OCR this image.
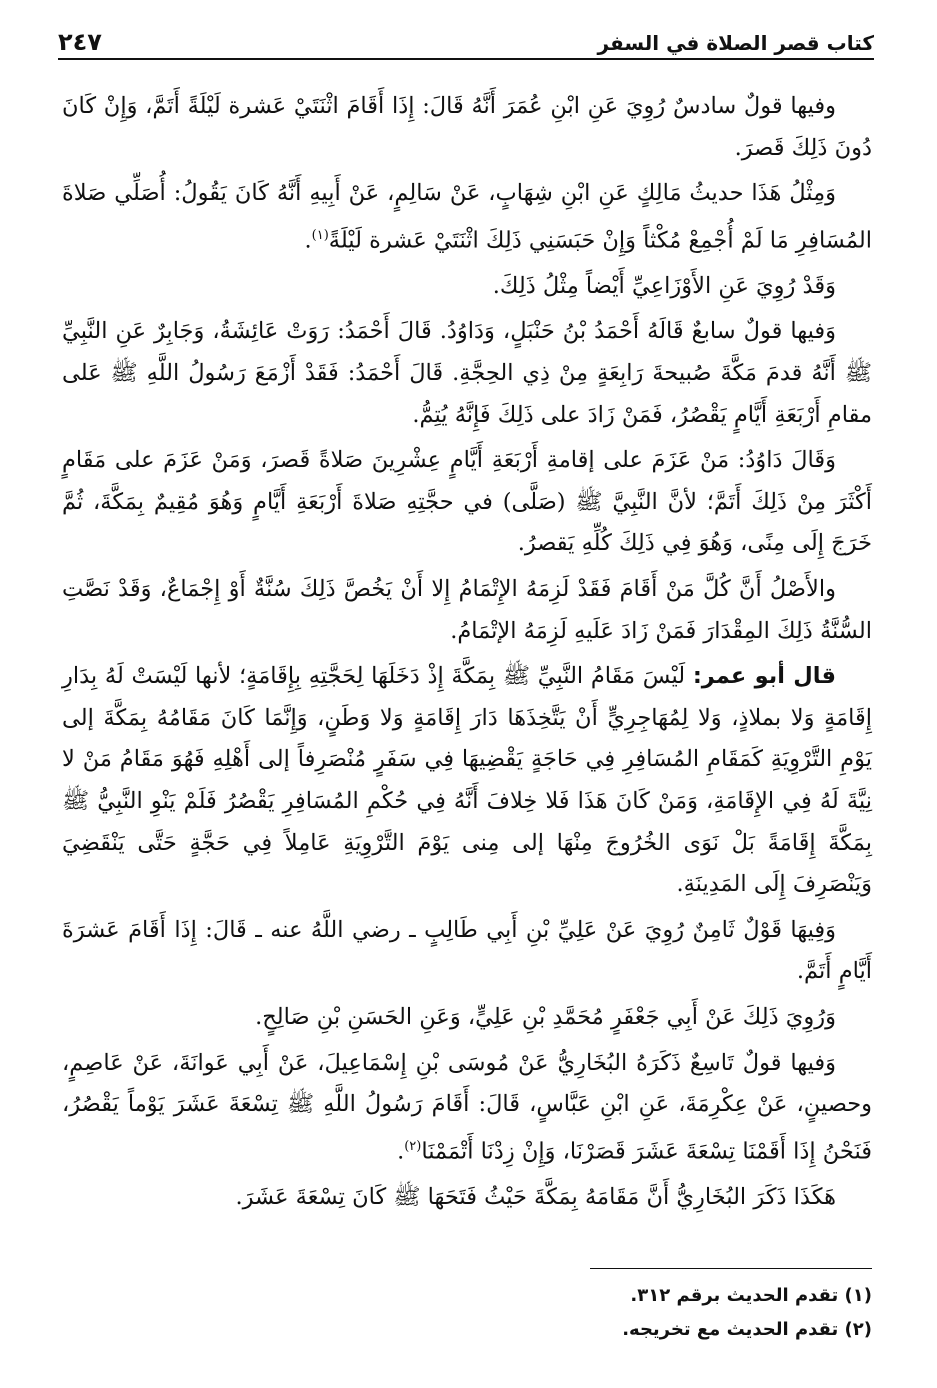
كتاب قصر الصلاة في السفر
٢٤٧

وفيها قولٌ سادسٌ رُوِيَ عَنِ ابْنِ عُمَرَ أَنَّهُ قَالَ: إِذَا أَقَامَ اثْنَتَيْ عَشرة لَيْلَةً أَتَمَّ، وَإِنْ كَانَ دُونَ ذَلِكَ قَصرَ.

وَمِثْلُ هَذَا حديثُ مَالِكٍ عَنِ ابْنِ شِهَابٍ، عَنْ سَالِمٍ، عَنْ أَبِيهِ أَنَّهُ كَانَ يَقُولُ: أُصَلِّي صَلاةَ المُسَافِرِ مَا لَمْ أُجْمِعْ مُكْثاً وَإِنْ حَبَسَنِي ذَلِكَ اثْنَتَيْ عَشرة لَيْلَةً$^{(١)}$.

وَقَدْ رُوِيَ عَنِ الأَوْزَاعِيِّ أَيْضاً مِثْلُ ذَلِكَ.

وَفيها قولٌ سابعٌ قَالَهُ أَحْمَدُ بْنُ حَنْبَلٍ، وَدَاوُدُ. قَالَ أَحْمَدُ: رَوَتْ عَائِشَةُ، وَجَابِرٌ عَنِ النَّبِيِّ ﷺ أَنَّهُ قدمَ مَكَّةَ صُبيحةَ رَابِعَةٍ مِنْ ذِي الحِجَّةِ. قَالَ أَحْمَدُ: فَقَدْ أَزْمَعَ رَسُولُ اللَّهِ ﷺ عَلى مقامِ أَرْبَعَةِ أَيَّامٍ يَقْصُرُ، فَمَنْ زَادَ على ذَلِكَ فَإِنَّهُ يُتِمُّ.

وَقَالَ دَاوُدُ: مَنْ عَزَمَ على إقامةِ أَرْبَعَةِ أَيَّامٍ عِشْرِينَ صَلاةً قَصرَ، وَمَنْ عَزَمَ على مَقَامٍ أَكْثَرَ مِنْ ذَلِكَ أَتَمَّ؛ لأنَّ النَّبِيَّ ﷺ (صَلَّى) في حجَّتِهِ صَلاةَ أَرْبَعَةِ أَيَّامٍ وَهُوَ مُقِيمٌ بِمَكَّةَ، ثُمَّ خَرَجَ إِلَى مِنًى، وَهُوَ فِي ذَلِكَ كُلِّهِ يَقصرُ.

والأَصْلُ أَنَّ كُلَّ مَنْ أَقَامَ فَقَدْ لَزِمَهُ الإِتْمَامُ إِلا أَنْ يَخُصَّ ذَلِكَ سُنَّةٌ أَوْ إِجْمَاعٌ، وَقَدْ نَصَّتِ السُّنَّةُ ذَلِكَ المِقْدَارَ فَمَنْ زَادَ عَلَيهِ لَزِمَهُ الإتْمَامُ.

قال أبو عمر: لَيْسَ مَقَامُ النَّبِيِّ ﷺ بِمَكَّةَ إِذْ دَخَلَهَا لِحَجَّتِهِ بِإِقَامَةٍ؛ لأنها لَيْسَتْ لَهُ بِدَارِ إِقَامَةٍ وَلا بملاذٍ، وَلا لِمُهَاجِرِيٍّ أَنْ يَتَّخِذَهَا دَارَ إِقَامَةٍ وَلا وَطَنٍ، وَإِنَّمَا كَانَ مَقَامُهُ بِمَكَّةَ إلى يَوْمِ التَّرْوِيَةِ كَمَقَامِ المُسَافِرِ فِي حَاجَةٍ يَقْضِيهَا فِي سَفَرٍ مُنْصَرِفاً إلى أَهْلِهِ فَهُوَ مَقَامُ مَنْ لا نِيَّةَ لَهُ فِي الإِقَامَةِ، وَمَنْ كَانَ هَذَا فَلا خِلافَ أَنَّهُ فِي حُكْمِ المُسَافِرِ يَقْصُرُ فَلَمْ يَنْوِ النَّبِيُّ ﷺ بِمَكَّةَ إِقَامَةً بَلْ نَوَى الخُرُوجَ مِنْهَا إلى مِنى يَوْمَ التَّرْوِيَةِ عَامِلاً فِي حَجَّةٍ حَتَّى يَنْقَضِيَ وَيَنْصَرِفَ إِلَى المَدِينَةِ.

وَفِيهَا قَوْلٌ ثَامِنٌ رُوِيَ عَنْ عَلِيِّ بْنِ أَبِي طَالِبٍ ـ رضي اللَّهُ عنه ـ قَالَ: إِذَا أَقَامَ عَشرَةَ أَيَّامٍ أَتَمَّ.

وَرُوِيَ ذَلِكَ عَنْ أَبِي جَعْفَرٍ مُحَمَّدِ بْنِ عَلِيٍّ، وَعَنِ الحَسَنِ بْنِ صَالِحٍ.

وَفيها قولٌ تَاسِعٌ ذَكَرَهُ البُخَارِيُّ عَنْ مُوسَى بْنِ إِسْمَاعِيلَ، عَنْ أَبِي عَوانَةَ، عَنْ عَاصِمٍ، وحصينٍ، عَنْ عِكْرِمَةَ، عَنِ ابْنِ عَبَّاسٍ، قَالَ: أَقَامَ رَسُولُ اللَّهِ ﷺ تِسْعَةَ عَشَرَ يَوْماً يَقْصُرُ، فَنَحْنُ إِذَا أَقَمْنَا تِسْعَةَ عَشَرَ قَصَرْنَا، وَإِنْ زِدْنَا أَتْمَمْنَا$^{(٢)}$.

هَكَذَا ذَكَرَ البُخَارِيُّ أَنَّ مَقَامَهُ بِمَكَّةَ حَيْثُ فَتَحَهَا ﷺ كَانَ تِسْعَةَ عَشَرَ.

(١) تقدم الحديث برقم ٣١٢.

(٢) تقدم الحديث مع تخريجه.
